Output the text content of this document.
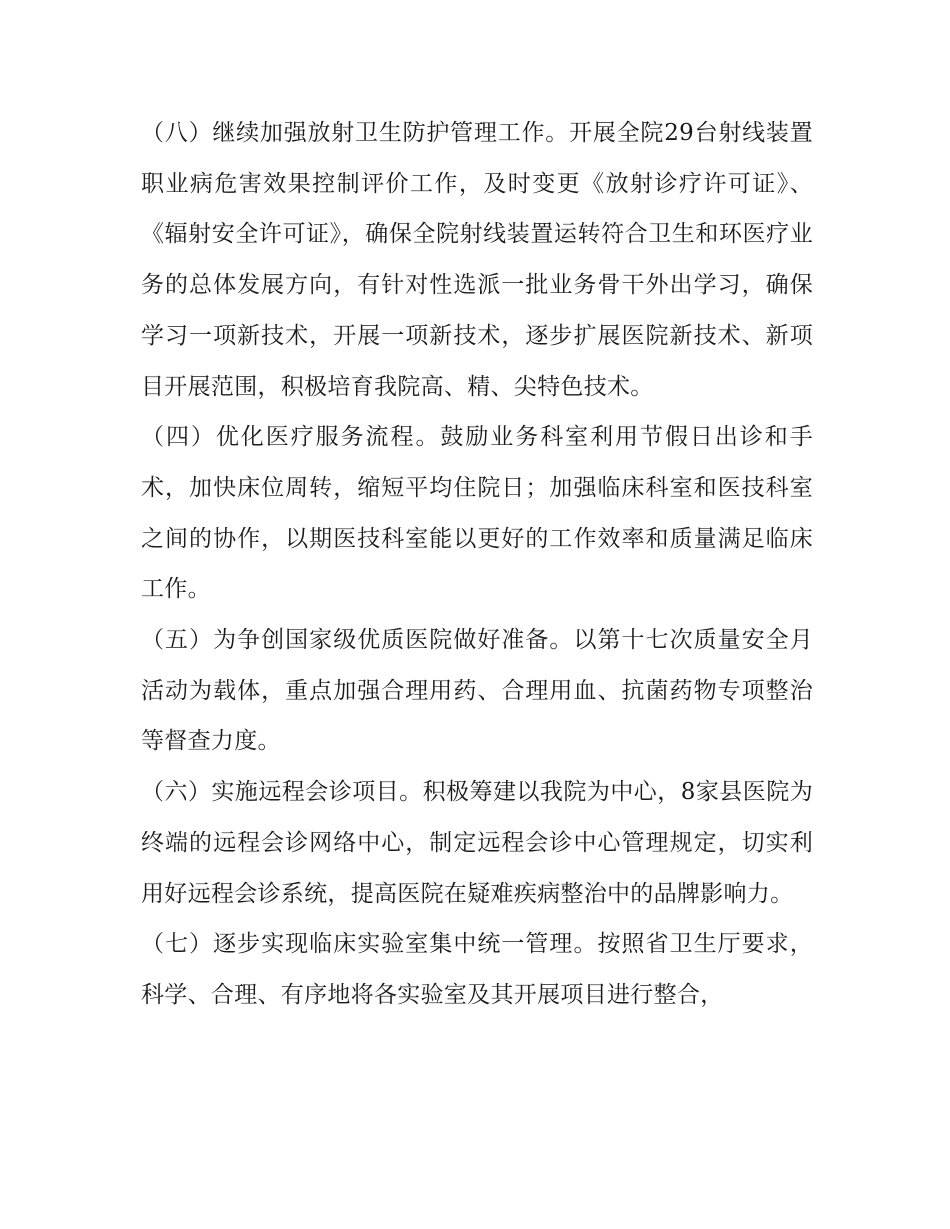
（八）继续加强放射卫生防护管理工作。开展全院29台射线装置职业病危害效果控制评价工作，及时变更《放射诊疗许可证》、《辐射安全许可证》，确保全院射线装置运转符合卫生和环医疗业务的总体发展方向，有针对性选派一批业务骨干外出学习，确保学习一项新技术，开展一项新技术，逐步扩展医院新技术、新项目开展范围，积极培育我院高、精、尖特色技术。

（四）优化医疗服务流程。鼓励业务科室利用节假日出诊和手术，加快床位周转，缩短平均住院日；加强临床科室和医技科室之间的协作，以期医技科室能以更好的工作效率和质量满足临床工作。

（五）为争创国家级优质医院做好准备。以第十七次质量安全月活动为载体，重点加强合理用药、合理用血、抗菌药物专项整治等督查力度。

（六）实施远程会诊项目。积极筹建以我院为中心，8家县医院为终端的远程会诊网络中心，制定远程会诊中心管理规定，切实利用好远程会诊系统，提高医院在疑难疾病整治中的品牌影响力。

（七）逐步实现临床实验室集中统一管理。按照省卫生厅要求，科学、合理、有序地将各实验室及其开展项目进行整合，
